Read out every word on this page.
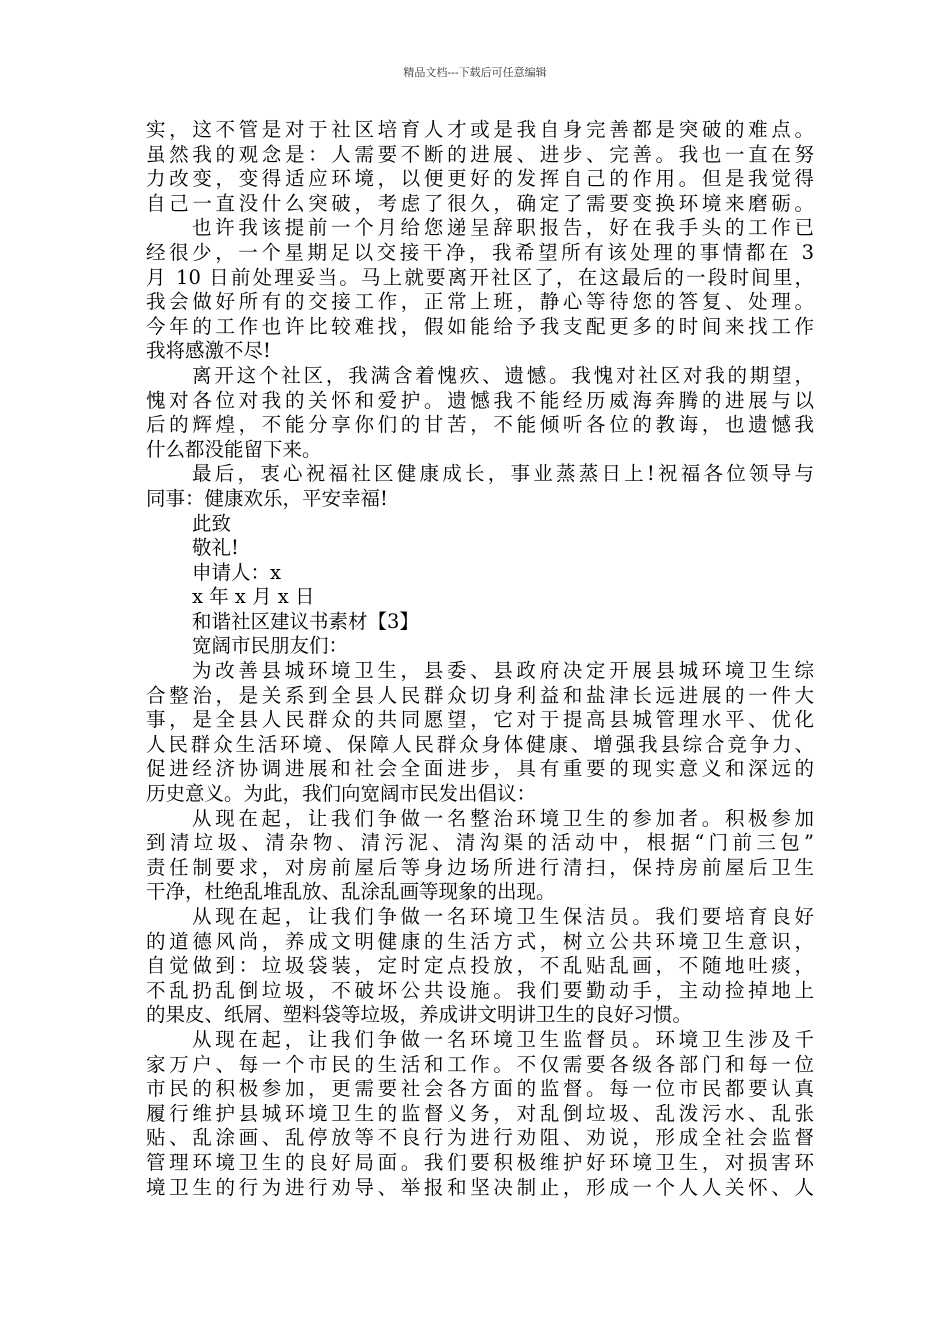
精品文档---下载后可任意编辑
实，这不管是对于社区培育人才或是我自身完善都是突破的难点。
虽然我的观念是：人需要不断的进展、进步、完善。我也一直在努
力改变，变得适应环境，以便更好的发挥自己的作用。但是我觉得
自己一直没什么突破，考虑了很久，确定了需要变换环境来磨砺。
也许我该提前一个月给您递呈辞职报告，好在我手头的工作已
经很少，一个星期足以交接干净，我希望所有该处理的事情都在 3
月 10 日前处理妥当。马上就要离开社区了，在这最后的一段时间里，
我会做好所有的交接工作，正常上班，静心等待您的答复、处理。
今年的工作也许比较难找，假如能给予我支配更多的时间来找工作
我将感激不尽!
离开这个社区，我满含着愧疚、遗憾。我愧对社区对我的期望，
愧对各位对我的关怀和爱护。遗憾我不能经历威海奔腾的进展与以
后的辉煌，不能分享你们的甘苦，不能倾听各位的教诲，也遗憾我
什么都没能留下来。
最后，衷心祝福社区健康成长，事业蒸蒸日上!祝福各位领导与
同事：健康欢乐，平安幸福!
此致
敬礼!
申请人：x
x 年 x 月 x 日
和谐社区建议书素材【3】
宽阔市民朋友们：
为改善县城环境卫生，县委、县政府决定开展县城环境卫生综
合整治，是关系到全县人民群众切身利益和盐津长远进展的一件大
事，是全县人民群众的共同愿望，它对于提高县城管理水平、优化
人民群众生活环境、保障人民群众身体健康、增强我县综合竞争力、
促进经济协调进展和社会全面进步，具有重要的现实意义和深远的
历史意义。为此，我们向宽阔市民发出倡议：
从现在起，让我们争做一名整治环境卫生的参加者。积极参加
到清垃圾、清杂物、清污泥、清沟渠的活动中，根据“门前三包”
责任制要求，对房前屋后等身边场所进行清扫，保持房前屋后卫生
干净，杜绝乱堆乱放、乱涂乱画等现象的出现。
从现在起，让我们争做一名环境卫生保洁员。我们要培育良好
的道德风尚，养成文明健康的生活方式，树立公共环境卫生意识，
自觉做到：垃圾袋装，定时定点投放，不乱贴乱画，不随地吐痰，
不乱扔乱倒垃圾，不破坏公共设施。我们要勤动手，主动捡掉地上
的果皮、纸屑、塑料袋等垃圾，养成讲文明讲卫生的良好习惯。
从现在起，让我们争做一名环境卫生监督员。环境卫生涉及千
家万户、每一个市民的生活和工作。不仅需要各级各部门和每一位
市民的积极参加，更需要社会各方面的监督。每一位市民都要认真
履行维护县城环境卫生的监督义务，对乱倒垃圾、乱泼污水、乱张
贴、乱涂画、乱停放等不良行为进行劝阻、劝说，形成全社会监督
管理环境卫生的良好局面。我们要积极维护好环境卫生，对损害环
境卫生的行为进行劝导、举报和坚决制止，形成一个人人关怀、人
